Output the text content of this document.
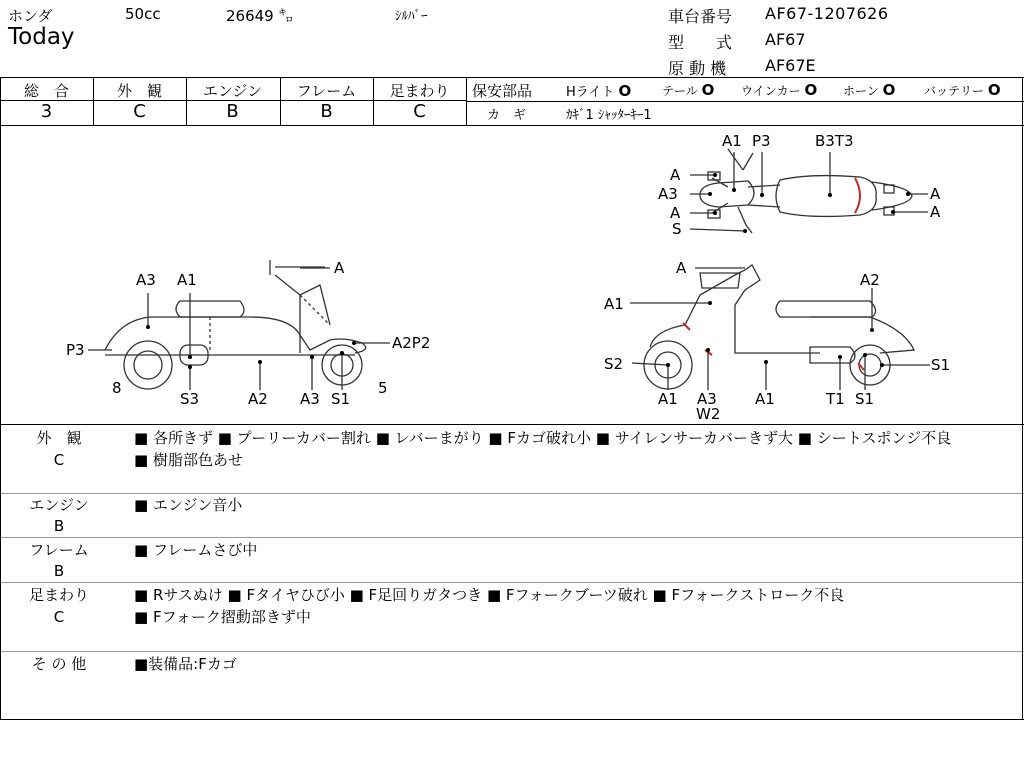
ホンダ	50cc	26649 ㌔	ｼﾙﾊﾞｰ
Today
車台番号 AF67-1207626
型　　式 AF67
原 動 機 AF67E
総　合
3
外　観
C
エンジン
B
フレーム
B
足まわり
C
保安部品	Hライト O	テール O ウインカー O ホーン O バッテリー O
カ　ギ	ｶｷﾞ1 ｼｬｯﾀｰｷｰ1
A1 P3	B3T3
A
A3
A
S
A
A
A
A3 A1
P3	A2P2
8
S3	A2 A3 S1
5
A
A2
A1
S2	S1
A1 A3
W2
A1	T1 S1
外　観
C
■ 各所きず ■ プーリーカバー割れ ■ レバーまがり ■ Fカゴ破れ小 ■ サイレンサーカバーきず大 ■ シートスポンジ不良 ■ 樹脂部色あせ
エンジン
B
■ エンジン音小
フレーム
B
■ フレームさび中
足まわり
C
■ Rサスぬけ ■ Fタイヤひび小 ■ F足回りガタつき ■ Fフォークブーツ破れ ■ Fフォークストローク不良 ■ Fフォーク摺動部きず中
そ の 他	■装備品:Fカゴ
